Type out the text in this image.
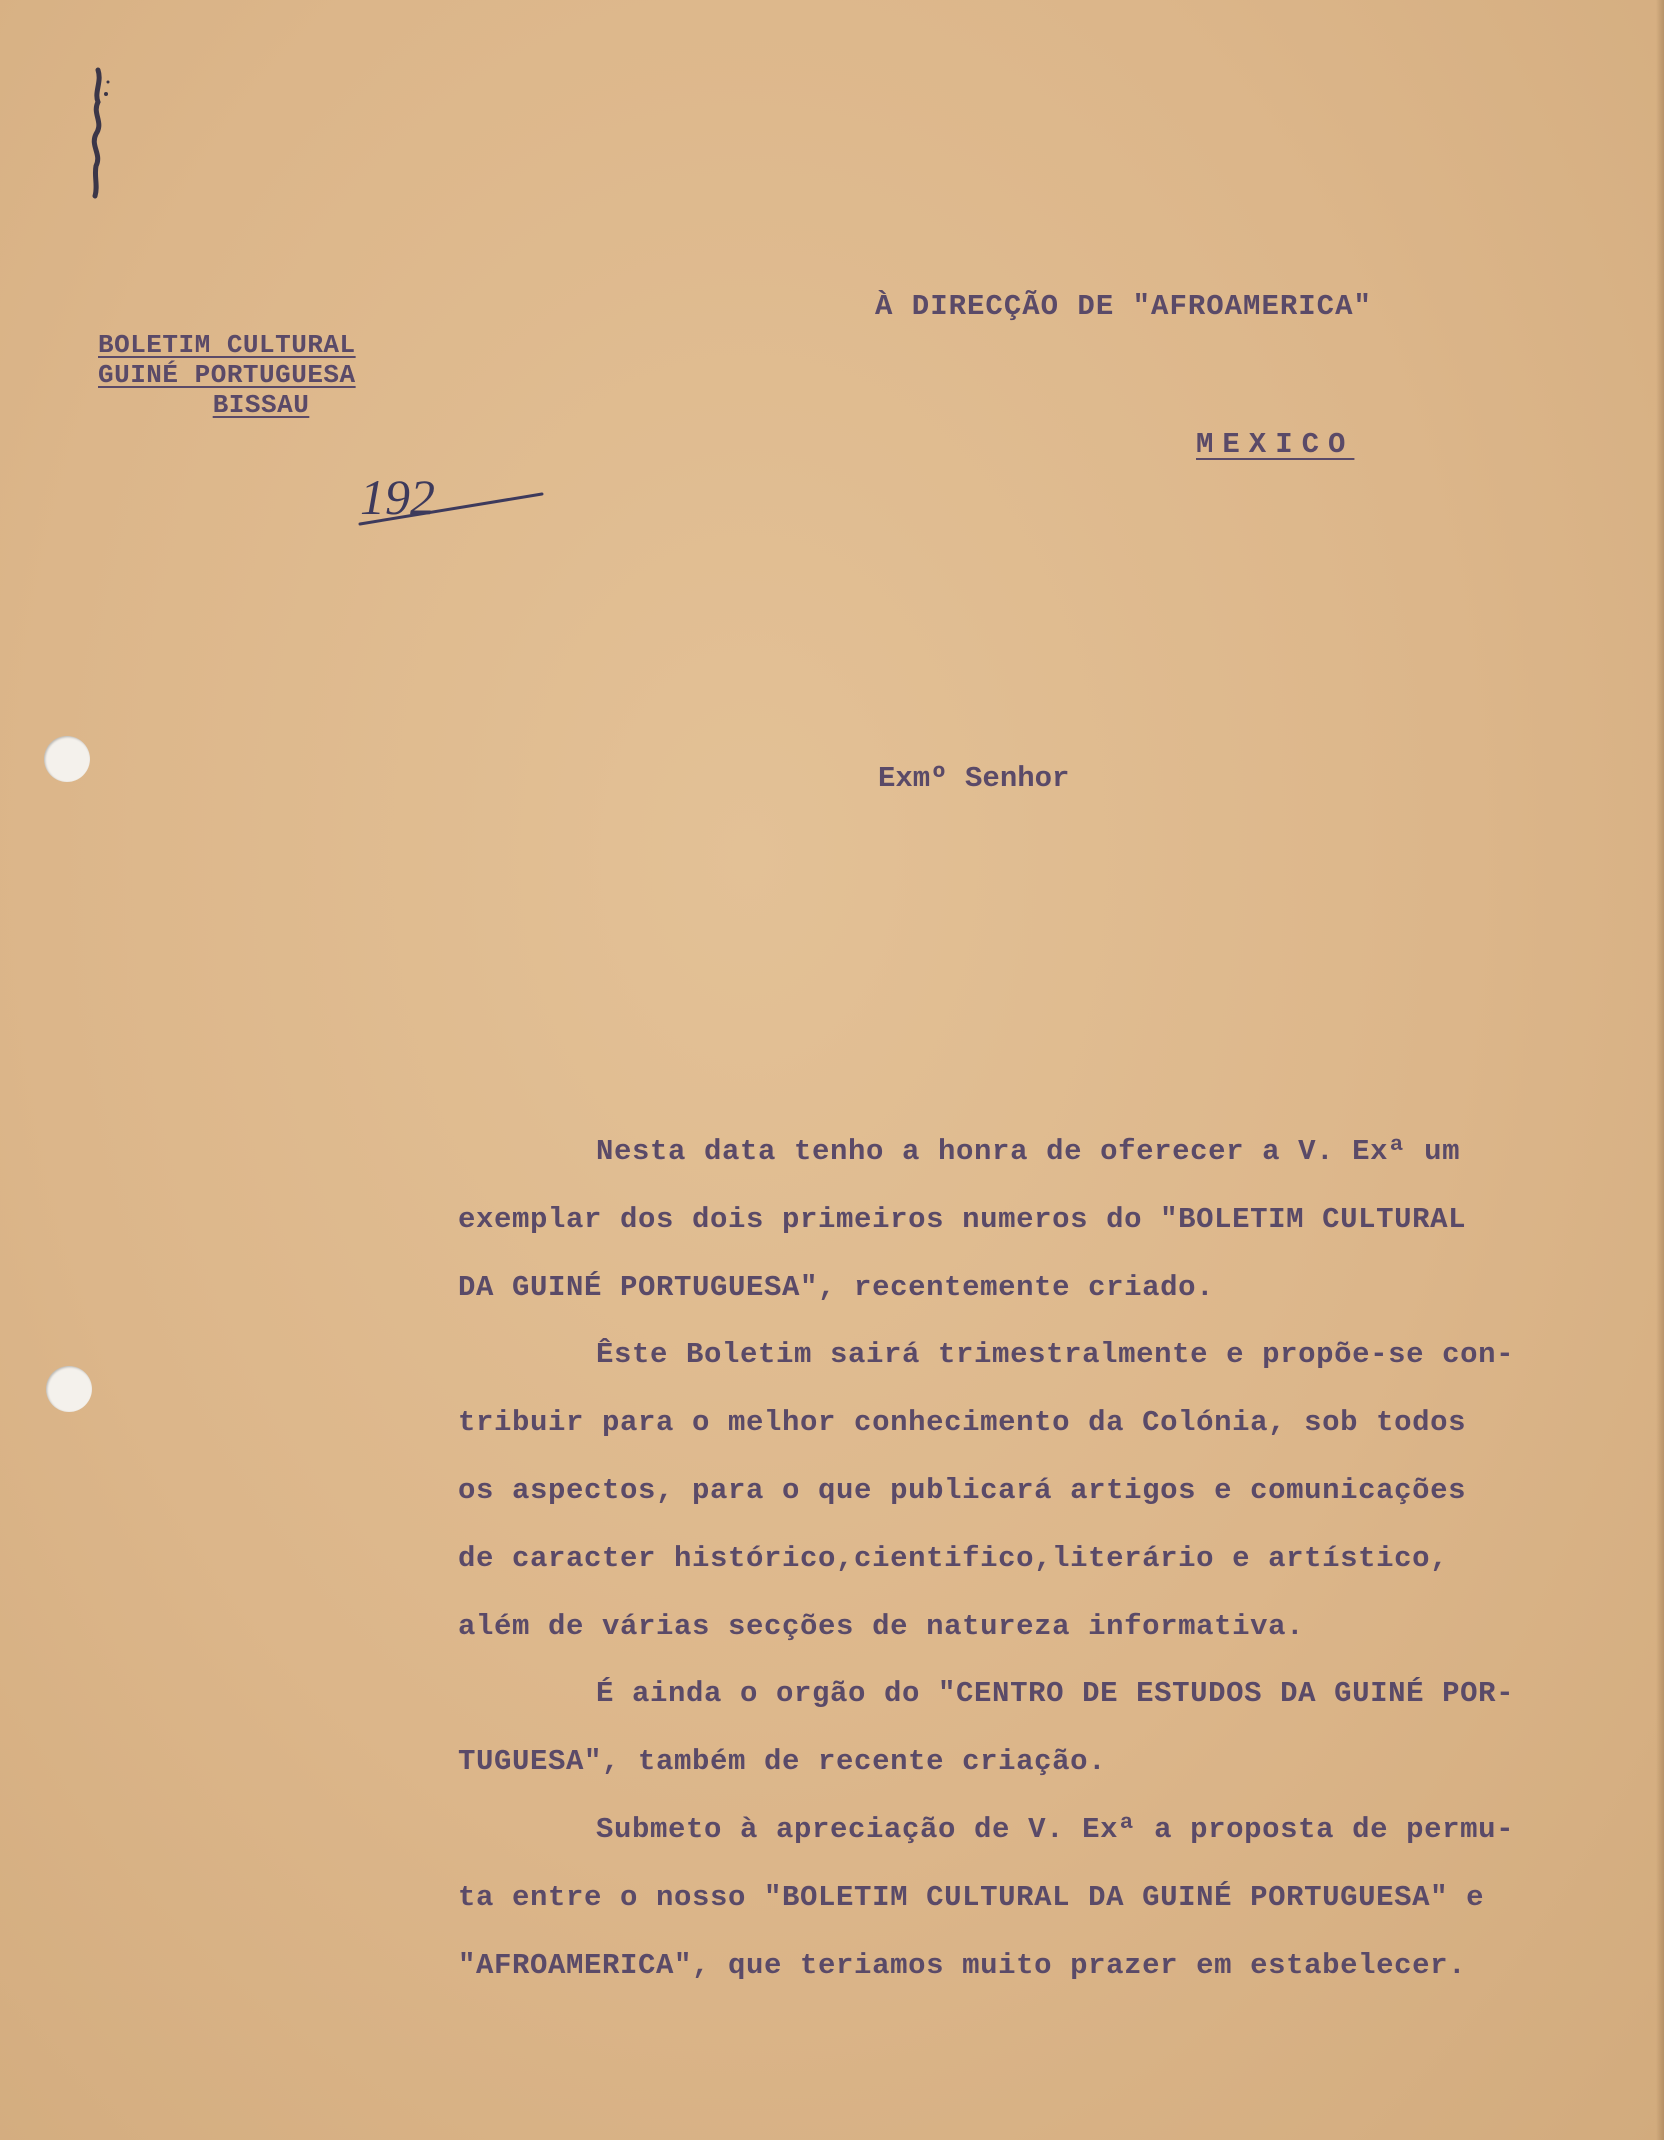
BOLETIM CULTURAL
GUINÉ PORTUGUESA
BISSAU
À DIRECÇÃO DE "AFROAMERICA"
MEXICO
192
Exmº Senhor
Nesta data tenho a honra de oferecer a V. Exª um
exemplar dos dois primeiros numeros do "BOLETIM CULTURAL
DA GUINÉ PORTUGUESA", recentemente criado.
Êste Boletim sairá trimestralmente e propõe-se con-
tribuir para o melhor conhecimento da Colónia, sob todos
os aspectos, para o que publicará artigos e comunicações
de caracter histórico,cientifico,literário e artístico,
além de várias secções de natureza informativa.
É ainda o orgão do "CENTRO DE ESTUDOS DA GUINÉ POR-
TUGUESA", também de recente criação.
Submeto à apreciação de V. Exª a proposta de permu-
ta entre o nosso "BOLETIM CULTURAL DA GUINÉ PORTUGUESA" e
"AFROAMERICA", que teriamos muito prazer em estabelecer.
